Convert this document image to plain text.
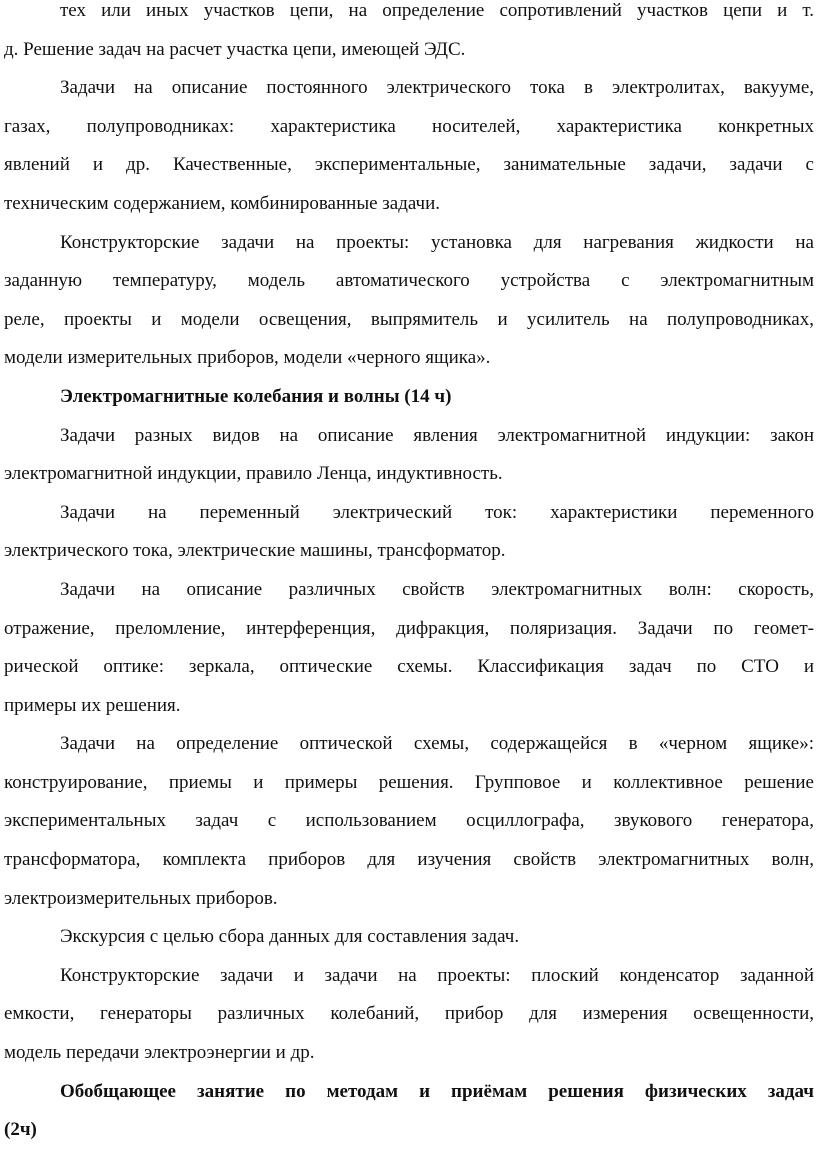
тех или иных участков цепи, на определение сопротивлений участков цепи и т.
д. Решение задач на расчет участка цепи, имеющей ЭДС.
Задачи на описание постоянного электрического тока в электролитах, вакууме,
газах, полупроводниках: характеристика носителей, характеристика конкретных
явлений и др. Качественные, экспериментальные, занимательные задачи, задачи с
техническим содержанием, комбинированные задачи.
Конструкторские задачи на проекты: установка для нагревания жидкости на
заданную температуру, модель автоматического устройства с электромагнитным
реле, проекты и модели освещения, выпрямитель и усилитель на полупроводниках,
модели измерительных приборов, модели «черного ящика».
Электромагнитные колебания и волны (14 ч)
Задачи разных видов на описание явления электромагнитной индукции: закон
электромагнитной индукции, правило Ленца, индуктивность.
Задачи на переменный электрический ток: характеристики переменного
электрического тока, электрические машины, трансформатор.
Задачи на описание различных свойств электромагнитных волн: скорость,
отражение, преломление, интерференция, дифракция, поляризация. Задачи по геомет-
рической оптике: зеркала, оптические схемы. Классификация задач по СТО и
примеры их решения.
Задачи на определение оптической схемы, содержащейся в «черном ящике»:
конструирование, приемы и примеры решения. Групповое и коллективное решение
экспериментальных задач с использованием осциллографа, звукового генератора,
трансформатора, комплекта приборов для изучения свойств электромагнитных волн,
электроизмерительных приборов.
Экскурсия с целью сбора данных для составления задач.
Конструкторские задачи и задачи на проекты: плоский конденсатор заданной
емкости, генераторы различных колебаний, прибор для измерения освещенности,
модель передачи электроэнергии и др.
Обобщающее занятие по методам и приёмам решения физических задач
(2ч)
